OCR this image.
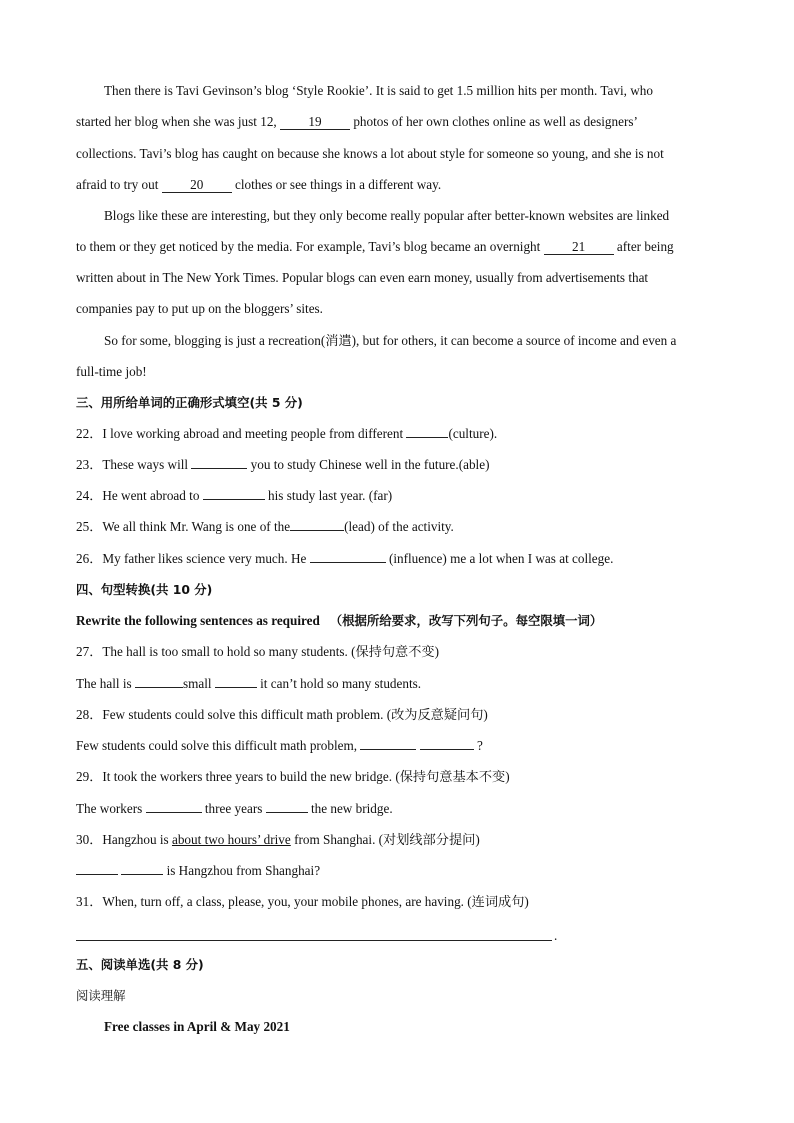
Then there is Tavi Gevinson’s blog ‘Style Rookie’. It is said to get 1.5 million hits per month. Tavi, who
started her blog when she was just 12, 19 photos of her own clothes online as well as designers’
collections. Tavi’s blog has caught on because she knows a lot about style for someone so young, and she is not
afraid to try out 20 clothes or see things in a different way.
Blogs like these are interesting, but they only become really popular after better-known websites are linked
to them or they get noticed by the media. For example, Tavi’s blog became an overnight 21 after being
written about in The New York Times. Popular blogs can even earn money, usually from advertisements that
companies pay to put up on the bloggers’ sites.
So for some, blogging is just a recreation(消遣), but for others, it can become a source of income and even a
full-time job!
三、用所给单词的正确形式填空(共 5 分)
22．I love working abroad and meeting people from different	(culture).
23．These ways will	you to study Chinese well in the future.(able)
24．He went abroad to	his study last year. (far)
25．We all think Mr. Wang is one of the	(lead) of the activity.
26．My father likes science very much. He	(influence) me a lot when I was at college.
四、句型转换(共 10 分)
Rewrite the following sentences as required （根据所给要求，改写下列句子。每空限填一词）
27．The hall is too small to hold so many students. (保持句意不变)
The hall is	small	it can’t hold so many students.
28．Few students could solve this difficult math problem. (改为反意疑问句)
Few students could solve this difficult math problem,	?
29．It took the workers three years to build the new bridge. (保持句意基本不变)
The workers	three years	the new bridge.
30．Hangzhou is about two hours’ drive from Shanghai. (对划线部分提问)
is Hangzhou from Shanghai?
31．When, turn off, a class, please, you, your mobile phones, are having. (连词成句)
.
五、阅读单选(共 8 分)
阅读理解
Free classes in April & May 2021
